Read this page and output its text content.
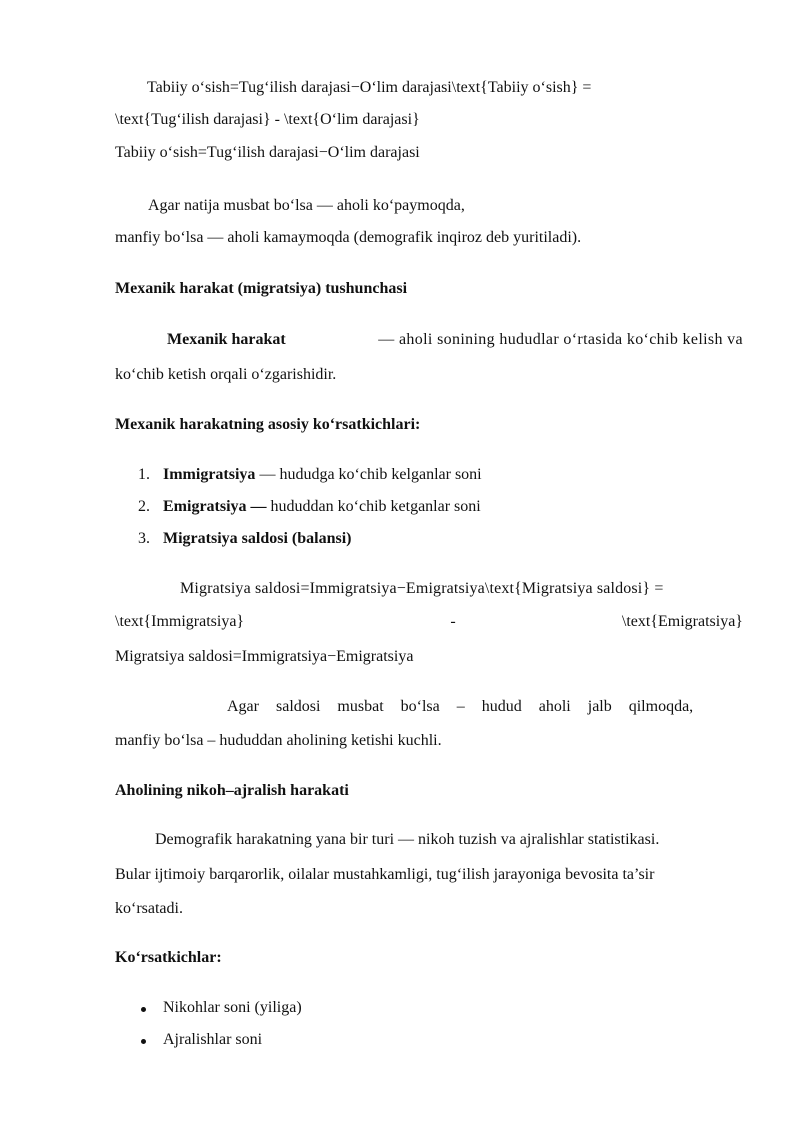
Tabiiy o‘sish=Tug‘ilish darajasi−O‘lim darajasi\text{Tabiiy o‘sish} =
\text{Tug‘ilish darajasi} - \text{O‘lim darajasi}
Tabiiy o‘sish=Tug‘ilish darajasi−O‘lim darajasi
Agar natija musbat bo‘lsa — aholi ko‘paymoqda,
manfiy bo‘lsa — aholi kamaymoqda (demografik inqiroz deb yuritiladi).
Mexanik harakat (migratsiya) tushunchasi
Mexanik harakat	— aholi sonining hududlar o‘rtasida ko‘chib kelish va
ko‘chib ketish orqali o‘zgarishidir.
Mexanik harakatning asosiy ko‘rsatkichlari:
1. Immigratsiya — hududga ko‘chib kelganlar soni
2. Emigratsiya — hududdan ko‘chib ketganlar soni
3. Migratsiya saldosi (balansi)
Migratsiya saldosi=Immigratsiya−Emigratsiya\text{Migratsiya saldosi} =
\text{Immigratsiya}	-	\text{Emigratsiya}
Migratsiya saldosi=Immigratsiya−Emigratsiya
Agar saldosi musbat bo‘lsa – hudud aholi jalb qilmoqda,
manfiy bo‘lsa – hududdan aholining ketishi kuchli.
Aholining nikoh–ajralish harakati
Demografik harakatning yana bir turi — nikoh tuzish va ajralishlar statistikasi.
Bular ijtimoiy barqarorlik, oilalar mustahkamligi, tug‘ilish jarayoniga bevosita ta’sir
ko‘rsatadi.
Ko‘rsatkichlar:
Nikohlar soni (yiliga)
Ajralishlar soni
